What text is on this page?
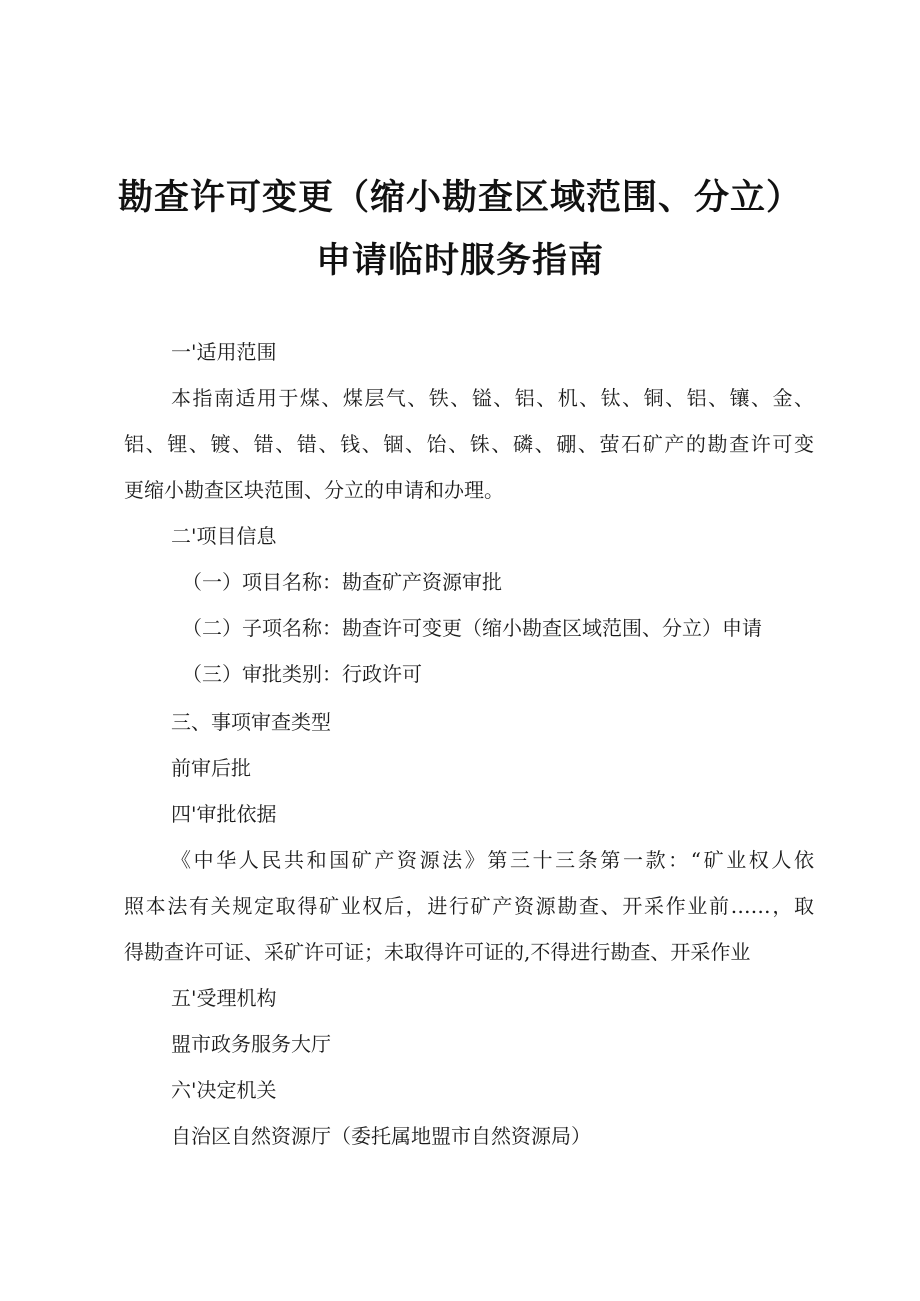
勘查许可变更（缩小勘查区域范围、分立）
申请临时服务指南
一'适用范围
本指南适用于煤、煤层气、铁、镒、铝、机、钛、铜、铝、镶、金、
铝、锂、镀、错、错、钱、锢、饴、铢、磷、硼、萤石矿产的勘查许可变
更缩小勘查区块范围、分立的申请和办理。
二'项目信息
（一）项目名称：勘查矿产资源审批
（二）子项名称：勘查许可变更（缩小勘查区域范围、分立）申请
（三）审批类别：行政许可
三、事项审查类型
前审后批
四'审批依据
《中华人民共和国矿产资源法》第三十三条第一款：“矿业权人依
照本法有关规定取得矿业权后，进行矿产资源勘查、开采作业前……，取
得勘查许可证、采矿许可证；未取得许可证的,不得进行勘查、开采作业
五'受理机构
盟市政务服务大厅
六'决定机关
自治区自然资源厅（委托属地盟市自然资源局）
